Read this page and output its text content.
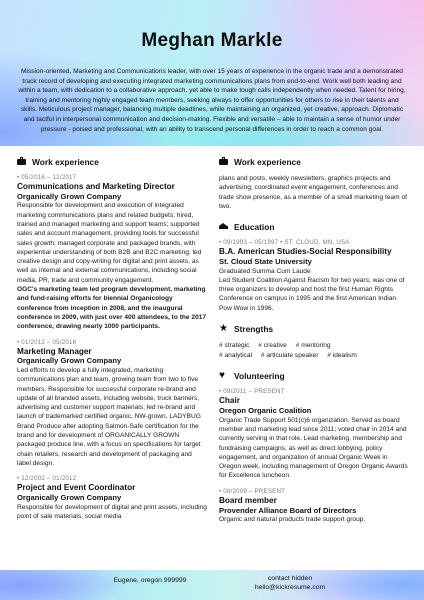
Meghan Markle
Mission-oriented, Marketing and Communications leader, with over 15 years of experience in the organic trade and a demonstrated track record of developing and executing integrated marketing communications plans from end-to-end. Work well both leading and within a team, with dedication to a collaborative approach, yet able to make tough calls independently when needed. Talent for hiring, training and mentoring highly engaged team members, seeking always to offer opportunities for others to rise in their talents and skills. Meticulous project manager, balancing multiple deadlines, while maintaining an organized, yet creative, approach. Diplomatic and tactful in interpersonal communication and decision-making. Flexible and versatile – able to maintain a sense of humor under pressure - poised and professional, with an ability to transcend personal differences in order to reach a common goal.
Work experience
• 05/2016 – 12/2017
Communications and Marketing Director
Organically Grown Company
Responsible for development and execution of integrated marketing communications plans and related budgets; hired, trained and managed marketing and support teams; supported sales and account management, providing tools for successful sales growth; managed corporate and packaged brands, with experiential understanding of both B2B and B2C marketing; led creative design and copy-writing for digital and print assets, as well as internal and external communications, including social media, PR, trade and community engagement.
OGC's marketing team led program development, marketing and fund-raising efforts for biennial Organicology conference from inception in 2008, and the inaugural conference in 2009, with just over 400 attendees, to the 2017 conference, drawing nearly 1000 participants.
• 01/2012 – 05/2016
Marketing Manager
Organically Grown Company
Led efforts to develop a fully integrated, marketing communications plan and team, growing team from two to five members. Responsible for successful corporate re-brand and update of all branded assets, including website, truck banners, advertising and customer support materials; led re-brand and launch of trademarked certified organic, NW-grown, LADYBUG Brand Produce after adopting Salmon-Safe certification for the brand and for development of ORGANICALLY GROWN packaged produce line, with a focus on specifications for target chain retailers, research and development of packaging and label design.
• 12/2002 – 01/2012
Project and Event Coordinator
Organically Grown Company
Responsible for development of digital and print assets, including point of sale materials, social media
Work experience
plans and posts, weekly newsletters, graphics projects and advertising; coordinated event engagement, conferences and trade show presence, as a member of a small marketing team of two.
Education
• 09/1993 – 05/1997 • ST. CLOUD, MN, USA
B.A. American Studies-Social Responsibility
St. Cloud State University
Graduated Summa Cum Laude
Led Student Coalition Against Racism for two years; was one of three organizers to develop and host the first Human Rights Conference on campus in 1995 and the first American Indian Pow Wow in 1996.
★ Strengths
# strategic # creative # mentoring
# analytical # articulate speaker # idealism
♥	Volunteering
• 09/2011 – PRESENT
Chair
Oregon Organic Coalition
Organic Trade Support 501(c)6 organization. Served as board member and marketing lead since 2011; voted chair in 2014 and currently serving in that role. Lead marketing, membership and fundraising campaigns, as well as direct lobbying, policy engagement, and organization of annual Organic Week in Oregon week, including management of Oregon Organic Awards for Excellence luncheon.
• 08/2009 – PRESENT
Board member
Provender Alliance Board of Directors
Organic and natural products trade support group.
Eugene, oregon 999999	contact hidden
hello@kickresume.com
